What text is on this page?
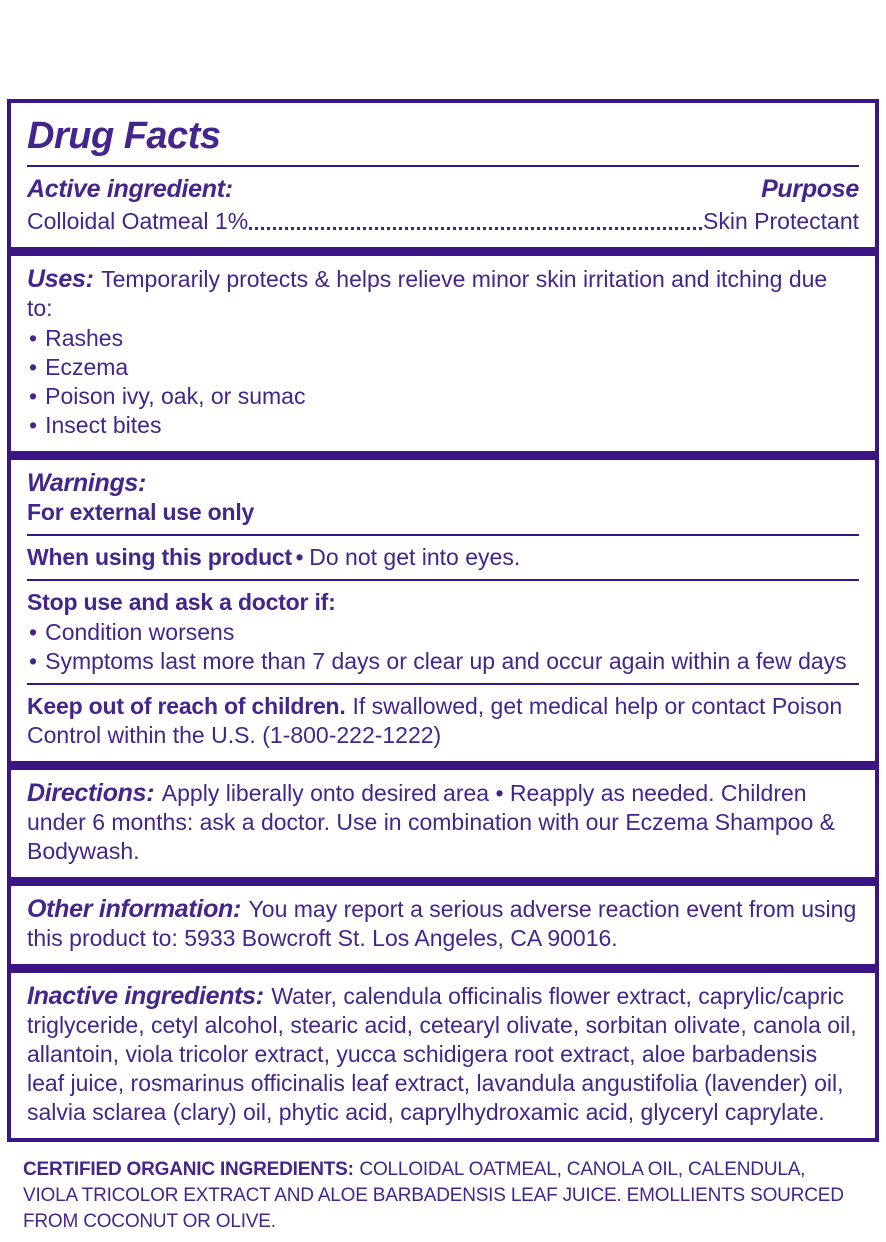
Drug Facts
Active ingredient:	Purpose
Colloidal Oatmeal 1%	Skin Protectant

Uses: Temporarily protects & helps relieve minor skin irritation and itching due to:

• Rashes
• Eczema
• Poison ivy, oak, or sumac
• Insect bites
Warnings:
For external use only

When using this product • Do not get into eyes.

Stop use and ask a doctor if:
• Condition worsens
• Symptoms last more than 7 days or clear up and occur again within a few days

Keep out of reach of children. If swallowed, get medical help or contact Poison Control within the U.S. (1-800-222-1222)

Directions: Apply liberally onto desired area • Reapply as needed. Children under 6 months: ask a doctor. Use in combination with our Eczema Shampoo & Bodywash.

Other information: You may report a serious adverse reaction event from using this product to: 5933 Bowcroft St. Los Angeles, CA 90016.

Inactive ingredients: Water, calendula officinalis flower extract, caprylic/capric triglyceride, cetyl alcohol, stearic acid, cetearyl olivate, sorbitan olivate, canola oil, allantoin, viola tricolor extract, yucca schidigera root extract, aloe barbadensis leaf juice, rosmarinus officinalis leaf extract, lavandula angustifolia (lavender) oil, salvia sclarea (clary) oil, phytic acid, caprylhydroxamic acid, glyceryl caprylate.

CERTIFIED ORGANIC INGREDIENTS: COLLOIDAL OATMEAL, CANOLA OIL, CALENDULA, VIOLA TRICOLOR EXTRACT AND ALOE BARBADENSIS LEAF JUICE. EMOLLIENTS SOURCED FROM COCONUT OR OLIVE.
